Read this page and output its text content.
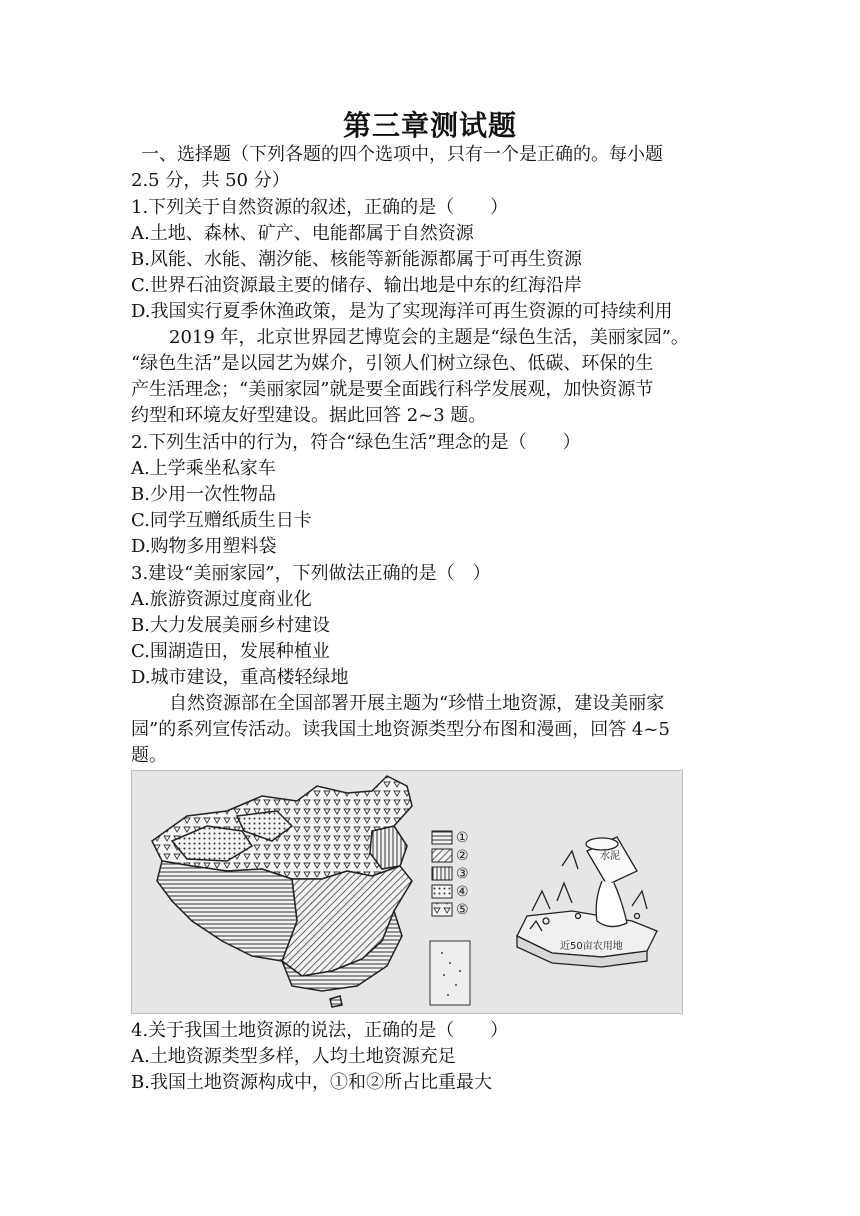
第三章测试题
一、选择题（下列各题的四个选项中，只有一个是正确的。每小题
2.5 分，共 50 分）
1.下列关于自然资源的叙述，正确的是（　　）
A.土地、森林、矿产、电能都属于自然资源
B.风能、水能、潮汐能、核能等新能源都属于可再生资源
C.世界石油资源最主要的储存、输出地是中东的红海沿岸
D.我国实行夏季休渔政策，是为了实现海洋可再生资源的可持续利用
2019 年，北京世界园艺博览会的主题是“绿色生活，美丽家园”。
“绿色生活”是以园艺为媒介，引领人们树立绿色、低碳、环保的生
产生活理念；“美丽家园”就是要全面践行科学发展观，加快资源节
约型和环境友好型建设。据此回答 2~3 题。
2.下列生活中的行为，符合“绿色生活”理念的是（　　）
A.上学乘坐私家车
B.少用一次性物品
C.同学互赠纸质生日卡
D.购物多用塑料袋
3.建设“美丽家园”，下列做法正确的是（　）
A.旅游资源过度商业化
B.大力发展美丽乡村建设
C.围湖造田，发展种植业
D.城市建设，重高楼轻绿地
自然资源部在全国部署开展主题为“珍惜土地资源，建设美丽家
园”的系列宣传活动。读我国土地资源类型分布图和漫画，回答 4~5
题。
①
②
③
④
⑤
水泥
近50亩农用地
4.关于我国土地资源的说法，正确的是（　　）
A.土地资源类型多样，人均土地资源充足
B.我国土地资源构成中，①和②所占比重最大
